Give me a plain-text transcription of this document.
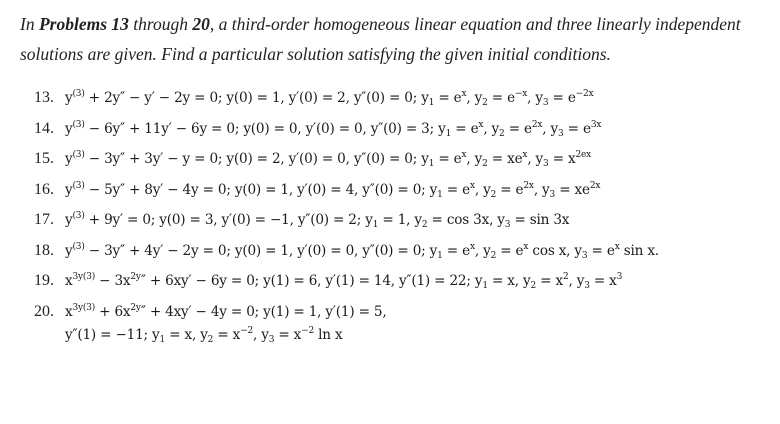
In Problems 13 through 20, a third-order homogeneous linear equation and three linearly independent solutions are given. Find a particular solution satisfying the given initial conditions.
13. $y^{(3)} + 2y'' - y' - 2y = 0$; y(0) = 1, y′(0) = 2, y″(0) = 0; $y_1 = e^x$, $y_2 = e^{-x}$, $y_3 = e^{-2x}$
14. $y^{(3)} - 6y'' + 11y' - 6y = 0$; y(0) = 0, y′(0) = 0, y″(0) = 3; $y_1 = e^x$, $y_2 = e^{2x}$, $y_3 = e^{3x}$
15. $y^{(3)} - 3y'' + 3y' - y = 0$; y(0) = 2, y′(0) = 0, y″(0) = 0; $y_1 = e^x$, $y_2 = xe^x$, $y_3 = x^{2ex}$
16. $y^{(3)} - 5y'' + 8y' - 4y = 0$; y(0) = 1, y′(0) = 4, y″(0) = 0; $y_1 = e^x$, $y_2 = e^{2x}$, $y_3 = xe^{2x}$
17. $y^{(3)} + 9y' = 0$; y(0) = 3, y′(0) = −1, y″(0) = 2; $y_1 = 1$, $y_2 = \cos 3x$, $y_3 = \sin 3x$
18. $y^{(3)} - 3y'' + 4y' - 2y = 0$; y(0) = 1, y′(0) = 0, y″(0) = 0; $y_1 = e^x$, $y_2 = e^x$ cos x, $y_3 = e^x$ sin x.
19. $x^{3y(3)} - 3x^{2y}'' + 6xy' - 6y = 0$; y(1) = 6, y′(1) = 14, y″(1) = 22; $y_1 = x$, $y_2 = x^2$, $y_3 = x^3$
20. $x^{3y(3)} + 6x^{2y}'' + 4xy' - 4y = 0$; y(1) = 1, y′(1) = 5,
y″(1) = −11; $y_1 = x$, $y_2 = x^{-2}$, $y_3 = x^{-2}$ ln x
